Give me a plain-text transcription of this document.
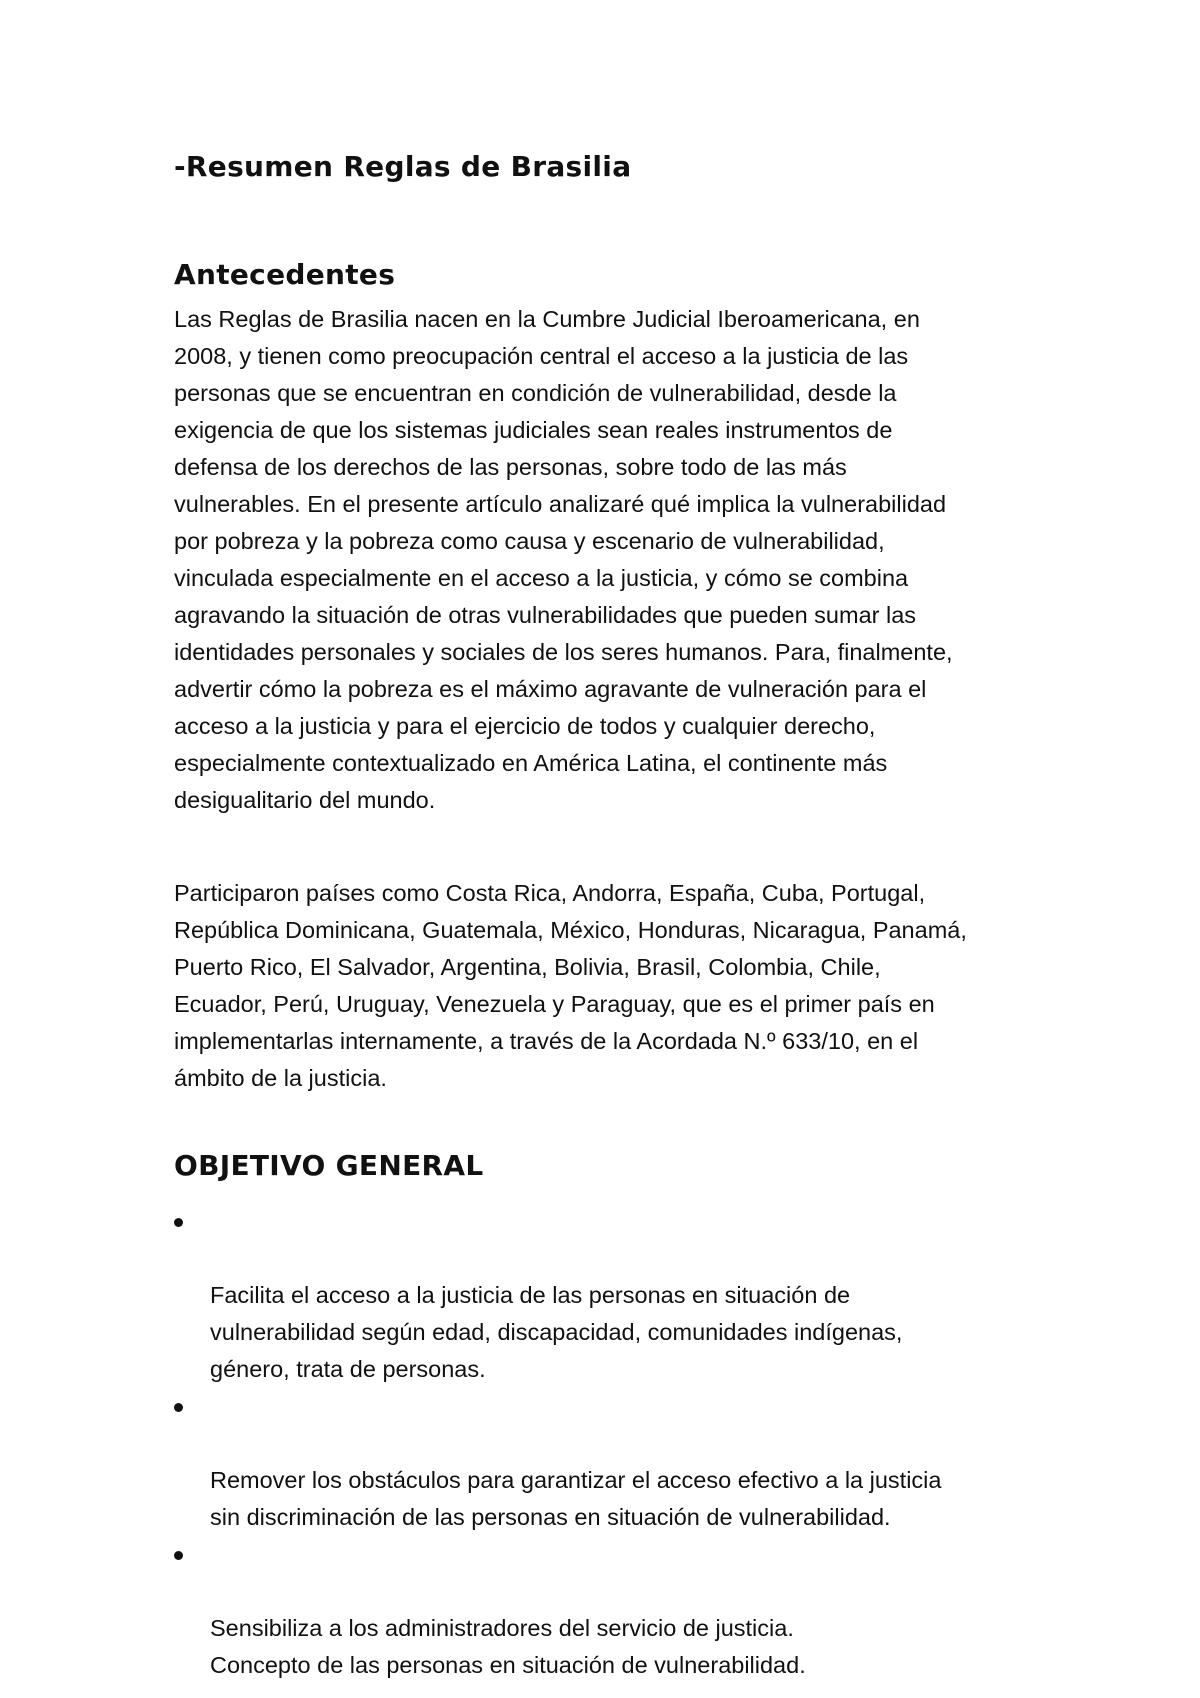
-Resumen Reglas de Brasilia
Antecedentes

Las Reglas de Brasilia nacen en la Cumbre Judicial Iberoamericana, en
2008, y tienen como preocupación central el acceso a la justicia de las
personas que se encuentran en condición de vulnerabilidad, desde la
exigencia de que los sistemas judiciales sean reales instrumentos de
defensa de los derechos de las personas, sobre todo de las más
vulnerables. En el presente artículo analizaré qué implica la vulnerabilidad
por pobreza y la pobreza como causa y escenario de vulnerabilidad,
vinculada especialmente en el acceso a la justicia, y cómo se combina
agravando la situación de otras vulnerabilidades que pueden sumar las
identidades personales y sociales de los seres humanos. Para, finalmente,
advertir cómo la pobreza es el máximo agravante de vulneración para el
acceso a la justicia y para el ejercicio de todos y cualquier derecho,
especialmente contextualizado en América Latina, el continente más
desigualitario del mundo.

Participaron países como Costa Rica, Andorra, España, Cuba, Portugal,
República Dominicana, Guatemala, México, Honduras, Nicaragua, Panamá,
Puerto Rico, El Salvador, Argentina, Bolivia, Brasil, Colombia, Chile,
Ecuador, Perú, Uruguay, Venezuela y Paraguay, que es el primer país en
implementarlas internamente, a través de la Acordada N.º 633/10, en el
ámbito de la justicia.

OBJETIVO GENERAL

Facilita el acceso a la justicia de las personas en situación de
vulnerabilidad según edad, discapacidad, comunidades indígenas,
género, trata de personas.

Remover los obstáculos para garantizar el acceso efectivo a la justicia
sin discriminación de las personas en situación de vulnerabilidad.

Sensibiliza a los administradores del servicio de justicia.
Concepto de las personas en situación de vulnerabilidad.
